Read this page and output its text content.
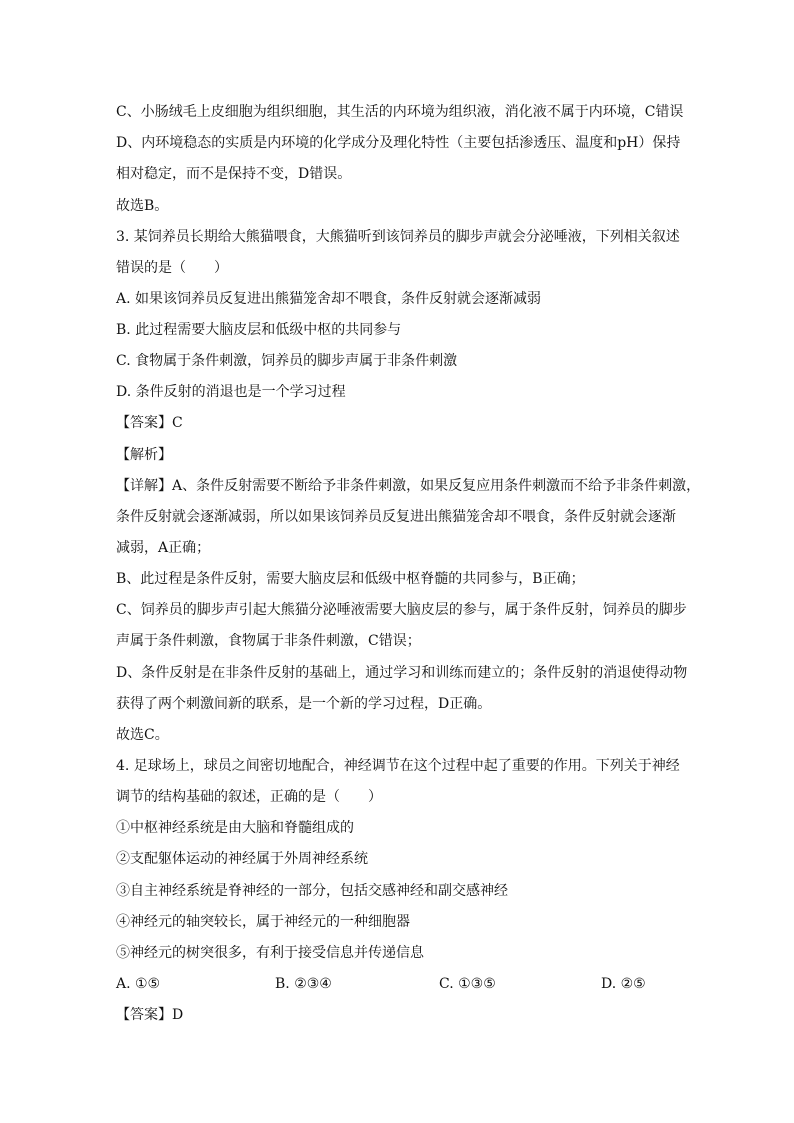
C、小肠绒毛上皮细胞为组织细胞，其生活的内环境为组织液，消化液不属于内环境，C错误
D、内环境稳态的实质是内环境的化学成分及理化特性（主要包括渗透压、温度和pH）保持
相对稳定，而不是保持不变，D错误。
故选B。
3. 某饲养员长期给大熊猫喂食，大熊猫听到该饲养员的脚步声就会分泌唾液，下列相关叙述
错误的是（　　）
A. 如果该饲养员反复进出熊猫笼舍却不喂食，条件反射就会逐渐减弱
B. 此过程需要大脑皮层和低级中枢的共同参与
C. 食物属于条件刺激，饲养员的脚步声属于非条件刺激
D. 条件反射的消退也是一个学习过程
【答案】C
【解析】
【详解】A、条件反射需要不断给予非条件刺激，如果反复应用条件刺激而不给予非条件刺激，
条件反射就会逐渐减弱，所以如果该饲养员反复进出熊猫笼舍却不喂食，条件反射就会逐渐
减弱，A正确；
B、此过程是条件反射，需要大脑皮层和低级中枢脊髓的共同参与，B正确；
C、饲养员的脚步声引起大熊猫分泌唾液需要大脑皮层的参与，属于条件反射，饲养员的脚步
声属于条件刺激，食物属于非条件刺激，C错误；
D、条件反射是在非条件反射的基础上，通过学习和训练而建立的；条件反射的消退使得动物
获得了两个刺激间新的联系，是一个新的学习过程，D正确。
故选C。
4. 足球场上，球员之间密切地配合，神经调节在这个过程中起了重要的作用。下列关于神经
调节的结构基础的叙述，正确的是（　　）
①中枢神经系统是由大脑和脊髓组成的
②支配躯体运动的神经属于外周神经系统
③自主神经系统是脊神经的一部分，包括交感神经和副交感神经
④神经元的轴突较长，属于神经元的一种细胞器
⑤神经元的树突很多，有利于接受信息并传递信息
A. ①⑤	B. ②③④	C. ①③⑤	D. ②⑤
【答案】D
